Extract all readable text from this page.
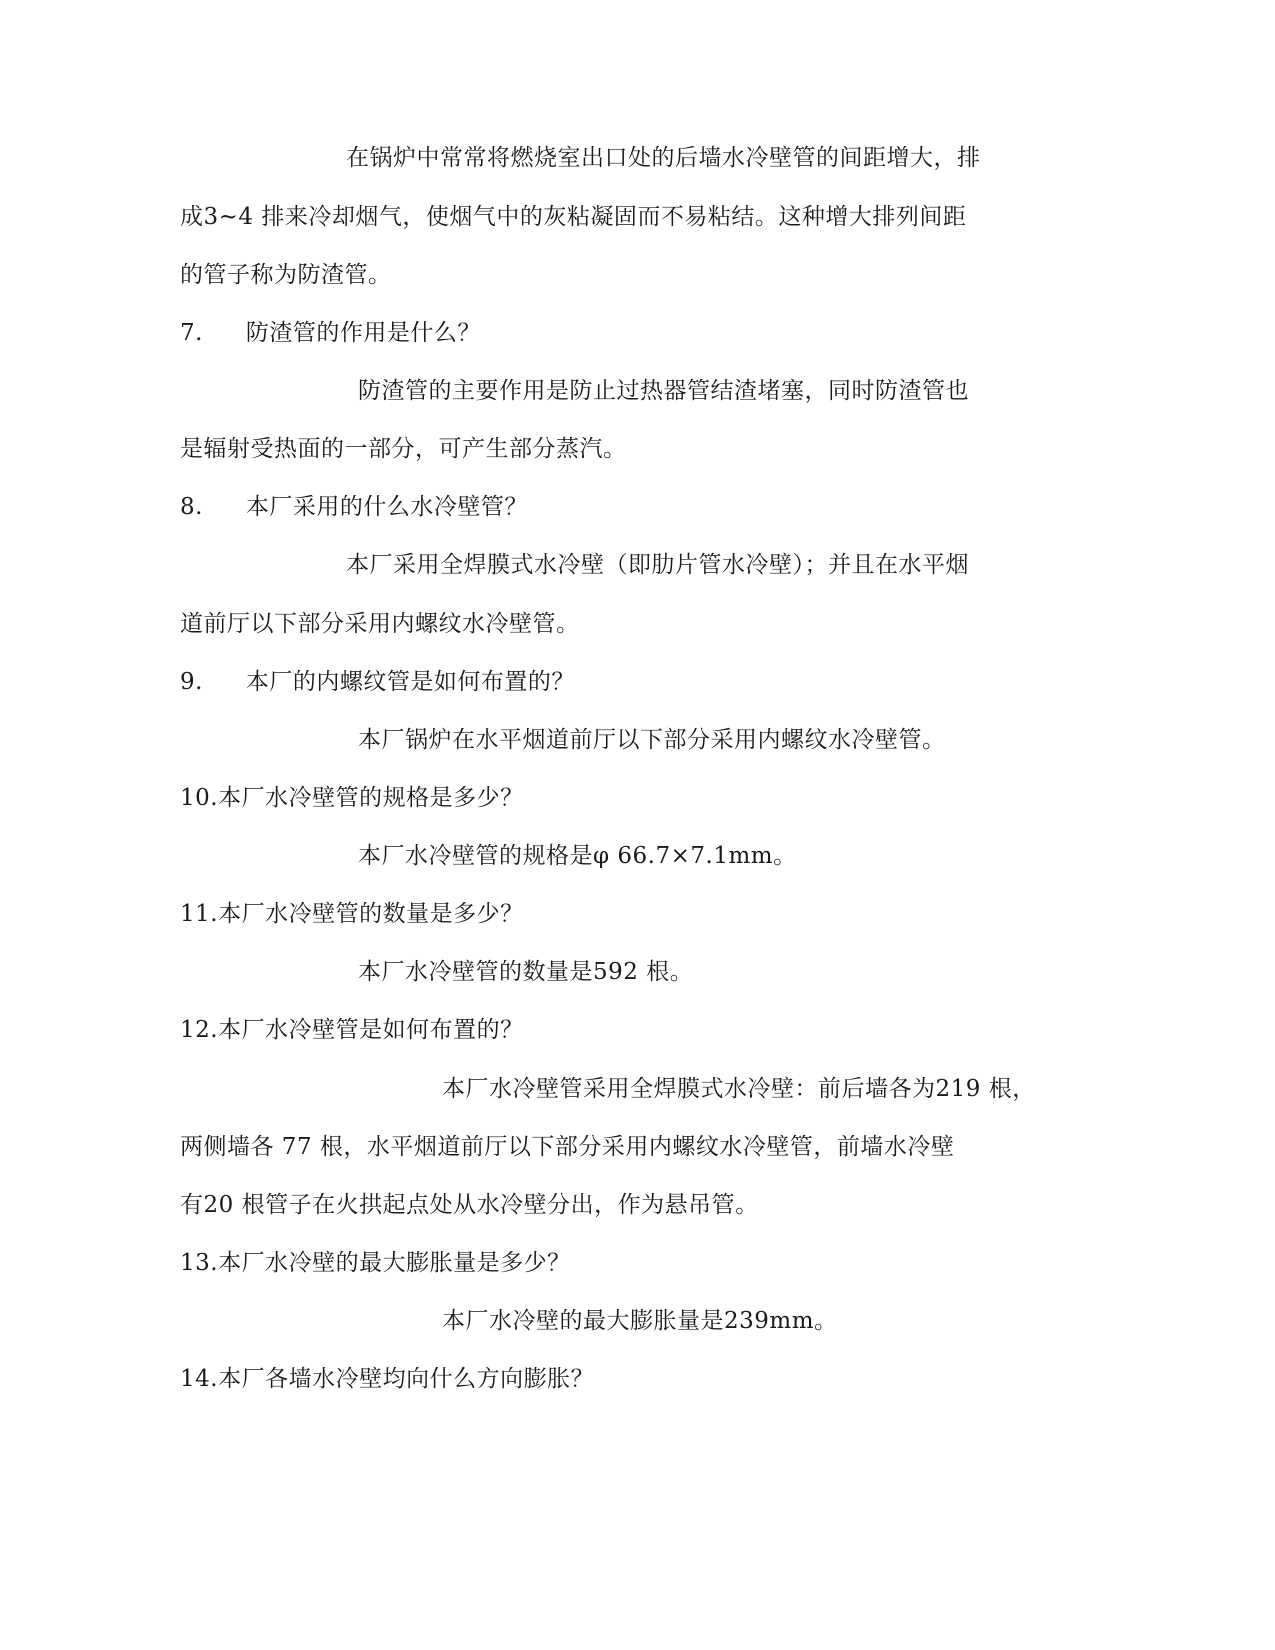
在锅炉中常常将燃烧室出口处的后墙水冷壁管的间距增大，排
成3~4 排来冷却烟气，使烟气中的灰粘凝固而不易粘结。这种增大排列间距
的管子称为防渣管。
7. 防渣管的作用是什么？
防渣管的主要作用是防止过热器管结渣堵塞，同时防渣管也
是辐射受热面的一部分，可产生部分蒸汽。
8. 本厂采用的什么水冷壁管？
本厂采用全焊膜式水冷壁（即肋片管水冷壁）；并且在水平烟
道前厅以下部分采用内螺纹水冷壁管。
9. 本厂的内螺纹管是如何布置的？
本厂锅炉在水平烟道前厅以下部分采用内螺纹水冷壁管。
10.本厂水冷壁管的规格是多少？
本厂水冷壁管的规格是φ 66.7×7.1mm。
11.本厂水冷壁管的数量是多少？
本厂水冷壁管的数量是592 根。
12.本厂水冷壁管是如何布置的？
本厂水冷壁管采用全焊膜式水冷壁：前后墙各为219 根，
两侧墙各 77 根，水平烟道前厅以下部分采用内螺纹水冷壁管，前墙水冷壁
有20 根管子在火拱起点处从水冷壁分出，作为悬吊管。
13.本厂水冷壁的最大膨胀量是多少？
本厂水冷壁的最大膨胀量是239mm。
14.本厂各墙水冷壁均向什么方向膨胀？
